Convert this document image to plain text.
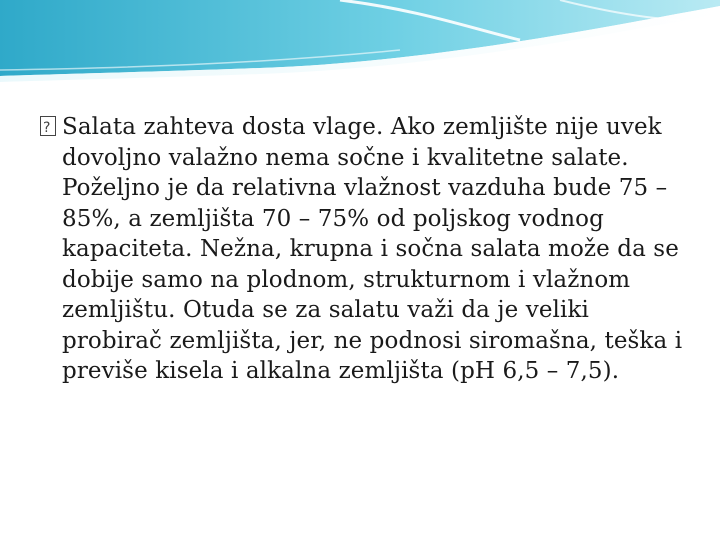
?Salata zahteva dosta vlage. Ako zemljište nije uvek dovoljno valažno nema sočne i kvalitetne salate. Poželjno je da relativna vlažnost vazduha bude 75 – 85%, a zemljišta 70 – 75% od poljskog vodnog kapaciteta. Nežna, krupna i sočna salata može da se dobije samo na plodnom, strukturnom i vlažnom zemljištu. Otuda se za salatu važi da je veliki probirač zemljišta, jer, ne podnosi siromašna, teška i previše kisela i alkalna zemljišta (pH 6,5 – 7,5).
